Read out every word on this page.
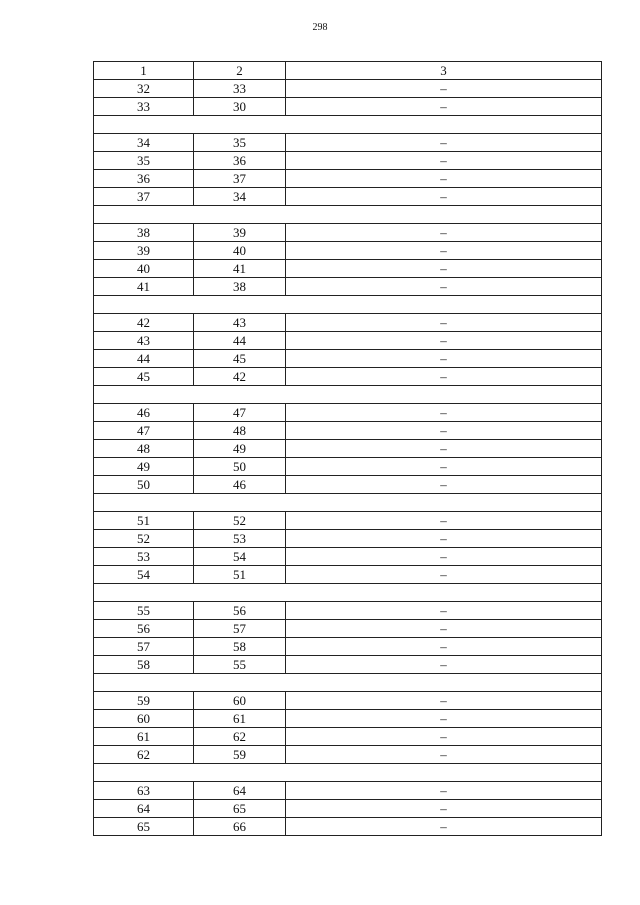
298
1	2	3
32	33	–
33	30	–

34	35	–
35	36	–
36	37	–
37	34	–

38	39	–
39	40	–
40	41	–
41	38	–

42	43	–
43	44	–
44	45	–
45	42	–

46	47	–
47	48	–
48	49	–
49	50	–
50	46	–

51	52	–
52	53	–
53	54	–
54	51	–

55	56	–
56	57	–
57	58	–
58	55	–

59	60	–
60	61	–
61	62	–
62	59	–

63	64	–
64	65	–
65	66	–
